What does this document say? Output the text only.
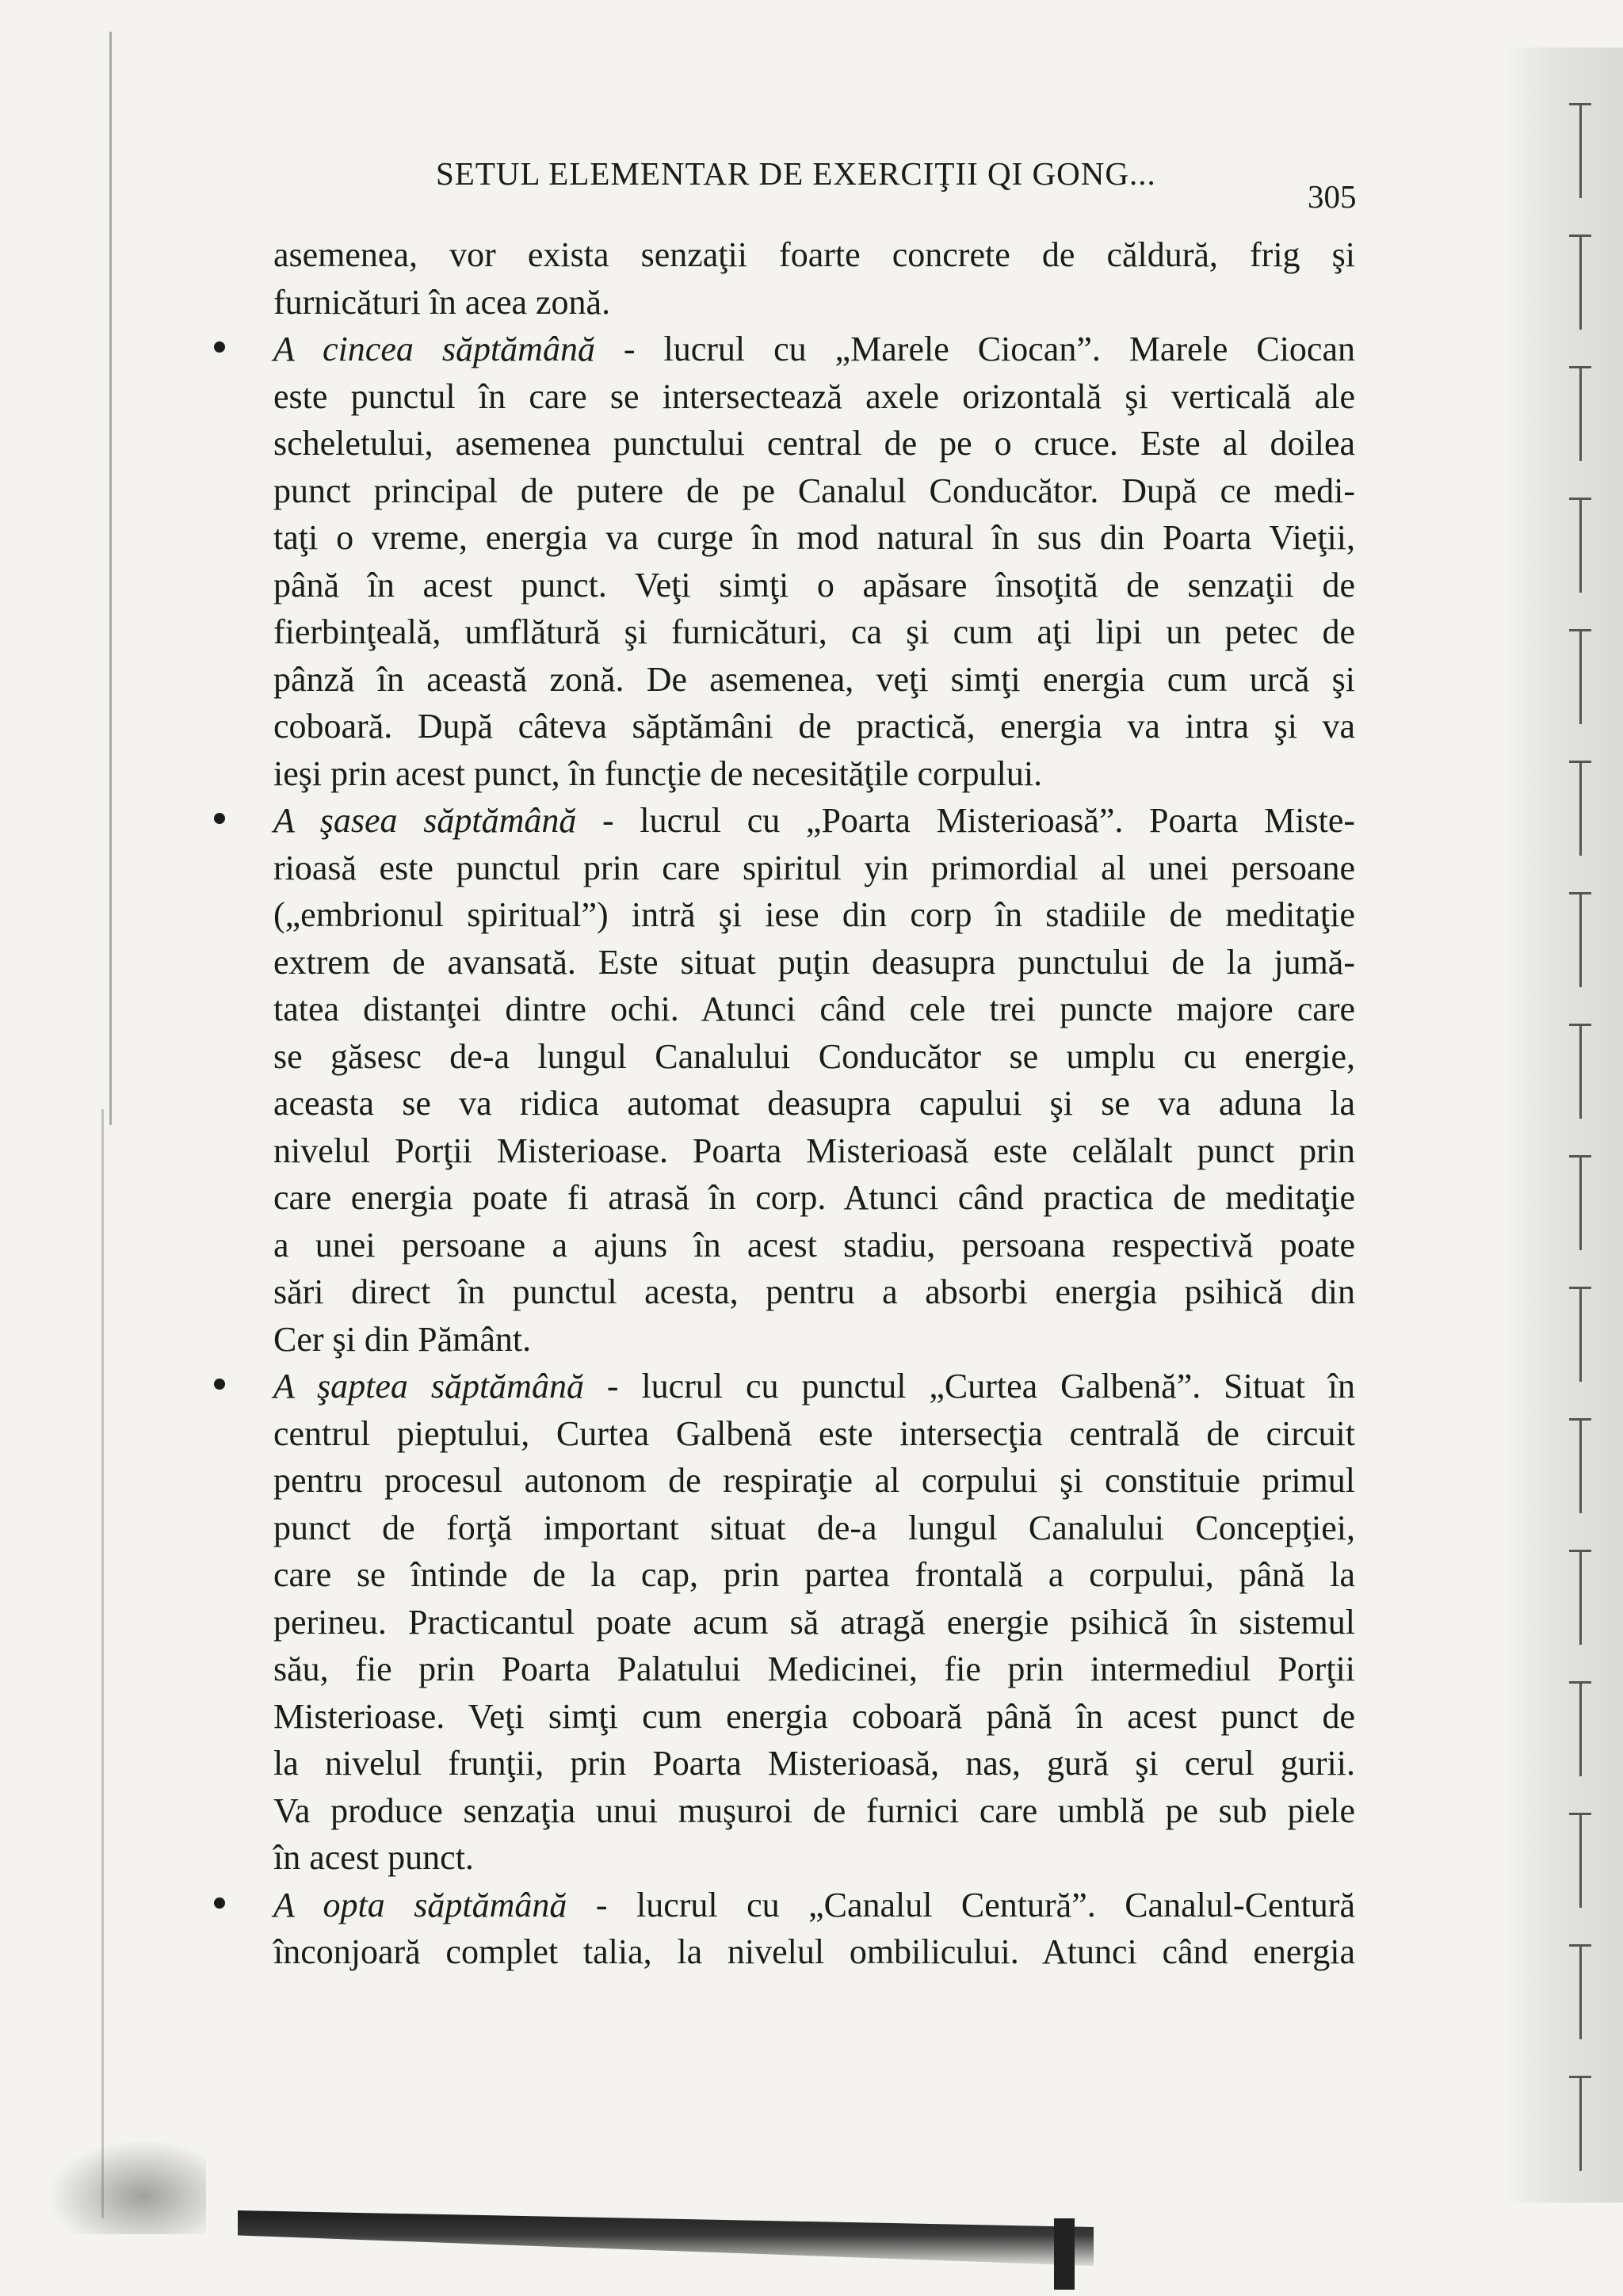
SETUL ELEMENTAR DE EXERCIŢII QI GONG...
305
asemenea, vor exista senzaţii foarte concrete de căldură, frig şi
furnicături în acea zonă.
A cincea săptămână - lucrul cu „Marele Ciocan”. Marele Ciocan
este punctul în care se intersectează axele orizontală şi verticală ale
scheletului, asemenea punctului central de pe o cruce. Este al doilea
punct principal de putere de pe Canalul Conducător. După ce medi-
taţi o vreme, energia va curge în mod natural în sus din Poarta Vieţii,
până în acest punct. Veţi simţi o apăsare însoţită de senzaţii de
fierbinţeală, umflătură şi furnicături, ca şi cum aţi lipi un petec de
pânză în această zonă. De asemenea, veţi simţi energia cum urcă şi
coboară. După câteva săptămâni de practică, energia va intra şi va
ieşi prin acest punct, în funcţie de necesităţile corpului.
A şasea săptămână - lucrul cu „Poarta Misterioasă”. Poarta Miste-
rioasă este punctul prin care spiritul yin primordial al unei persoane
(„embrionul spiritual”) intră şi iese din corp în stadiile de meditaţie
extrem de avansată. Este situat puţin deasupra punctului de la jumă-
tatea distanţei dintre ochi. Atunci când cele trei puncte majore care
se găsesc de-a lungul Canalului Conducător se umplu cu energie,
aceasta se va ridica automat deasupra capului şi se va aduna la
nivelul Porţii Misterioase. Poarta Misterioasă este celălalt punct prin
care energia poate fi atrasă în corp. Atunci când practica de meditaţie
a unei persoane a ajuns în acest stadiu, persoana respectivă poate
sări direct în punctul acesta, pentru a absorbi energia psihică din
Cer şi din Pământ.
A şaptea săptămână - lucrul cu punctul „Curtea Galbenă”. Situat în
centrul pieptului, Curtea Galbenă este intersecţia centrală de circuit
pentru procesul autonom de respiraţie al corpului şi constituie primul
punct de forţă important situat de-a lungul Canalului Concepţiei,
care se întinde de la cap, prin partea frontală a corpului, până la
perineu. Practicantul poate acum să atragă energie psihică în sistemul
său, fie prin Poarta Palatului Medicinei, fie prin intermediul Porţii
Misterioase. Veţi simţi cum energia coboară până în acest punct de
la nivelul frunţii, prin Poarta Misterioasă, nas, gură şi cerul gurii.
Va produce senzaţia unui muşuroi de furnici care umblă pe sub piele
în acest punct.
A opta săptămână - lucrul cu „Canalul Centură”. Canalul-Centură
înconjoară complet talia, la nivelul ombilicului. Atunci când energia
